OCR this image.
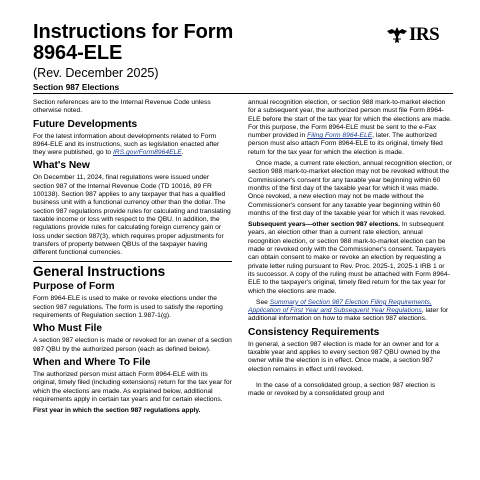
Instructions for Form
8964-ELE
(Rev. December 2025)
Section 987 Elections
IRS

Section references are to the Internal Revenue Code unless otherwise noted.

Future Developments

For the latest information about developments related to Form 8964-ELE and its instructions, such as legislation enacted after they were published, go to IRS.gov/Form8964ELE.

What's New

On December 11, 2024, final regulations were issued under section 987 of the Internal Revenue Code (TD 10016, 89 FR 100138). Section 987 applies to any taxpayer that has a qualified business unit with a functional currency other than the dollar. The section 987 regulations provide rules for calculating and translating taxable income or loss with respect to the QBU. In addition, the regulations provide rules for calculating foreign currency gain or loss under section 987(3), which requires proper adjustments for transfers of property between QBUs of the taxpayer having different functional currencies.

General Instructions
Purpose of Form

Form 8964-ELE is used to make or revoke elections under the section 987 regulations. The form is used to satisfy the reporting requirements of Regulation section 1.987-1(g).

Who Must File

A section 987 election is made or revoked for an owner of a section 987 QBU by the authorized person (each as defined below).

When and Where To File

The authorized person must attach Form 8964-ELE with its original, timely filed (including extensions) return for the tax year for which the elections are made. As explained below, additional requirements apply in certain tax years and for certain elections.

First year in which the section 987 regulations apply.

annual recognition election, or section 988 mark-to-market election for a subsequent year, the authorized person must file Form 8964-ELE before the start of the tax year for which the elections are made. For this purpose, the Form 8964-ELE must be sent to the e-Fax number provided in Filing Form 8964-ELE, later. The authorized person must also attach Form 8964-ELE to its original, timely filed return for the tax year for which the election is made.

Once made, a current rate election, annual recognition election, or section 988 mark-to-market election may not be revoked without the Commissioner's consent for any taxable year beginning within 60 months of the first day of the taxable year for which it was made. Once revoked, a new election may not be made without the Commissioner's consent for any taxable year beginning within 60 months of the first day of the taxable year for which it was revoked.

Subsequent years—other section 987 elections. In subsequent years, an election other than a current rate election, annual recognition election, or section 988 mark-to-market election can be made or revoked only with the Commissioner's consent. Taxpayers can obtain consent to make or revoke an election by requesting a private letter ruling pursuant to Rev. Proc. 2025-1, 2025-1 IRB 1 or its successor. A copy of the ruling must be attached with Form 8964-ELE to the taxpayer's original, timely filed return for the tax year for which the elections are made.

See Summary of Section 987 Election Filing Requirements, Application of First Year and Subsequent Year Regulations, later for additional information on how to make section 987 elections.

Consistency Requirements

In general, a section 987 election is made for an owner and for a taxable year and applies to every section 987 QBU owned by the owner while the election is in effect. Once made, a section 987 election remains in effect until revoked.

In the case of a consolidated group, a section 987 election is made or revoked by a consolidated group and
